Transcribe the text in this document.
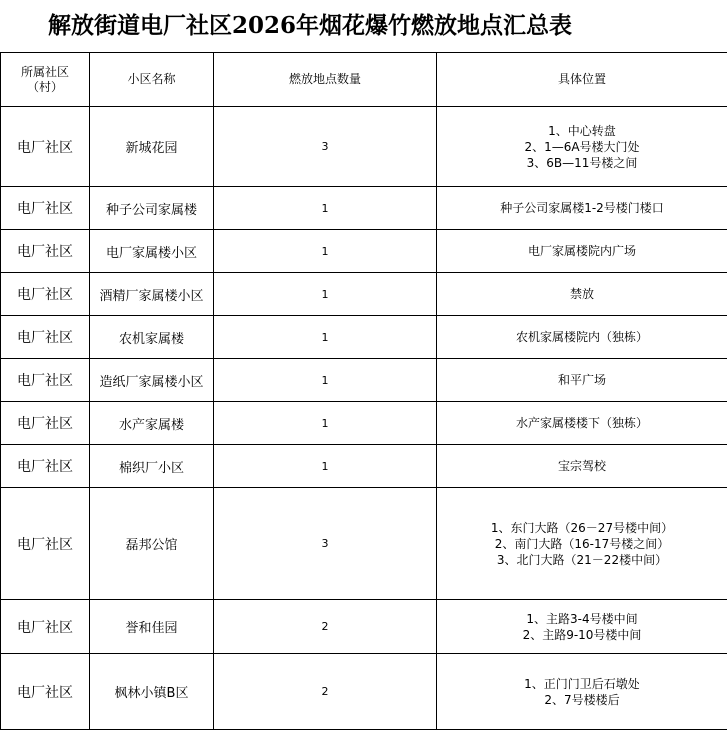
解放街道电厂社区2026年烟花爆竹燃放地点汇总表
所属社区（村）	小区名称	燃放地点数量	具体位置
电厂社区	新城花园	3	1、中心转盘
2、1—6A号楼大门处
3、6B—11号楼之间

电厂社区	种子公司家属楼	1	种子公司家属楼1-2号楼门楼口

电厂社区	电厂家属楼小区	1	电厂家属楼院内广场

电厂社区	酒精厂家属楼小区	1	禁放

电厂社区	农机家属楼	1	农机家属楼院内（独栋）

电厂社区	造纸厂家属楼小区	1	和平广场

电厂社区	水产家属楼	1	水产家属楼楼下（独栋）

电厂社区	棉织厂小区	1	宝宗驾校

电厂社区	磊邦公馆	3	1、东门大路（26－27号楼中间）
2、南门大路（16-17号楼之间）
3、北门大路（21－22楼中间）

电厂社区	誉和佳园	2	1、主路3-4号楼中间
2、主路9-10号楼中间

电厂社区	枫林小镇B区	2	1、正门门卫后石墩处
2、7号楼楼后
